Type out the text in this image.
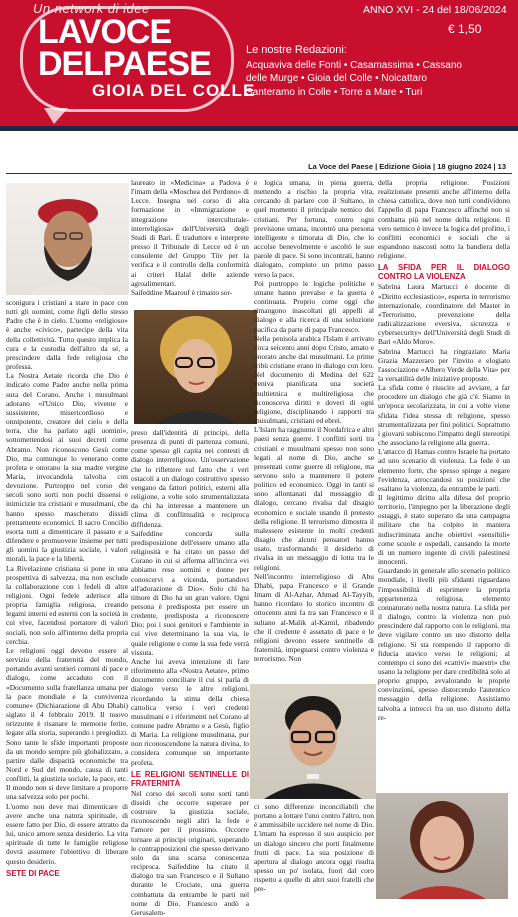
Un network di idee
LAVOCE
DELPAESE
GIOIA DEL COLLE
ANNO XVI - 24 del 18/06/2024
€ 1,50
Le nostre Redazioni:
Acquaviva delle Fonti • Casamassima • Cassano
delle Murge • Gioia del Colle • Noicattaro
Santeramo in Colle • Torre a Mare • Turi
La Voce del Paese | Edizione Gioia | 18 giugno 2024 | 13

sconigura i cristiani a stare in pace con tutti gli uomini, come figli dello stesso Padre che è in cielo. L'uomo «religioso» è anche «civico», partecipe della vita della collettività. Tutto questo implica la cura e la custodia dell'altro da sé, a prescindere dalla fede religiosa che professa.

La Nostra Aetate ricorda che Dio è indicato come Padre anche nella prima sura del Corano. Anche i musulmani adorano «l'Unico Dio, vivente e sussistente, misericordioso e onnipotente, creatore del cielo e della terra, che ha parlato agli uomini», sottomettendosi ai suoi decreti come Abramo. Non riconoscono Gesù come Dio, ma comunque lo venerano come profeta e onorano la sua madre vergine Maria, invocandola talvolta con devozione. Purtroppo nel corso dei secoli sono sorti non pochi dissensi e inimicizie tra cristiani e musulmani, che hanno spesso mascherato dissidi prettamente economici. Il sacro Concilio esorta tutti a dimenticare il passato e a difendere e promuovere insieme per tutti gli uomini la giustizia sociale, i valori morali, la pace e la libertà.

La Rivelazione cristiana si pone in una prospettiva di salvezza, ma non esclude la collaborazione con i fedeli di altre religioni. Ogni fedele aderisce alla propria famiglia religiosa, creando legami interni ed esterni con la società in cui vive, facendosi portatore di valori sociali, non solo all'interno della propria cerchia.

Le religioni oggi devono essere al servizio della fraternità del mondo, portando avanti sentieri comuni di pace e dialogo, come accaduto con il «Documento sulla fratellanza umana per la pace mondiale e la convivenza comune» (Dichiarazione di Abu Dhabi) siglato il 4 febbraio 2019. Il nuovo orizzonte è risanare le memorie ferite, legate alla storia, superando i pregiudizi. Sono tante le sfide importanti proposte da un mondo sempre più globalizzato, a partire dalle disparità economiche tra Nord e Sud del mondo, causa di tanti conflitti, la giustizia sociale, la pace, etc. Il mondo non si deve limitare a proporre una salvezza solo per pochi.

L'uomo non deve mai dimenticare di avere anche una natura spirituale, di essere fatto per Dio, di essere attratto da lui, unico amore senza desiderio. La vita spirituale di tutte le famiglie religiose dovrà assumere l'obiettivo di liberare questo desiderio.

SETE DI PACE

laureato in «Medicina» a Padova è l'imam della «Moschea del Perdono» di Lecce. Insegna nel corso di alta formazione in «Immigrazione e integrazione interculturale-interreligiosa» dell'Università degli Studi di Bari. È traduttore e interprete presso il Tribunale di Lecce ed è un consulente del Gruppo Tüv per la verifica e il controllo della conformità ai criteri Halal delle aziende agroalimentari.

Saifeddine Maarouf è rimasto sor-

preso dall'identità di principi, della presenza di punti di partenza comuni, come spesso gli capita nei contesti di dialogo interreligioso. Un'osservazione che lo riflettere sul fatto che i veri ostacoli a un dialogo costruttivo spesso vengano da fattori politici, esterni alla religione, a volte solo strumentalizzata da chi ha interesse a mantenere un clima di conflittualità e reciproca diffidenza.

Saifeddine concorda sulla predisposizione dell'essere umano alla religiosità e ha citato un passo del Corano in cui si afferma all'incirca «vi abbiamo reso uomini e donne per conoscervi a vicenda, portandovi all'adorazione di Dio». Solo chi ha timore di Dio ha un gran valore. Ogni persona è predisposta per essere un credente, predisposta a riconoscere Dio; poi i suoi genitori e l'ambiente in cui vive determinano la sua via, le quale religione e come la sua fede verrà vissuta.

Anche lui aveva intenzione di fare riferimento alla «Nostra Aetate», primo documento conciliare il cui si parla di dialogo verso le altre religioni, ricordando la stima della chiesa cattolica verso i veri credenti musulmani e i riferimenti nel Corano al comune padre Abramo e a Gesù, figlio di Maria. La religione musulmana, pur non riconoscendone la natura divina, lo considera comunque un importante profeta.

LE RELIGIONI SENTINELLE DI FRATERNITÀ

Nel corso dei secoli sono sorti tanti dissidi che occorre superare per costruire la giustizia sociale, riconoscendo negli altri la fede e l'amore per il prossimo. Occorre tornare ai principi originari, superando le contrapposizioni che spesso derivano solo da una scarsa conoscenza reciproca. Saifeddine ha citato il dialogo tra san Francesco e il Sultano durante le Crociate, una guerra combattuta da entrambe le parti nel nome di Dio. Francesco andò a Gerusalem-

e logica umana, in piena guerra, mettendo a rischio la propria vita, cercando di parlare con il Sultano, in quel momento il principale nemico dei cristiani. Per fortuna, contro ogni previsione umana, incontrò una persona intelligente e timorata di Dio, che lo accolse benevolmente e ascoltò le sue parole di pace. Si sono incontrati, hanno dialogato, compiuto un primo passo verso la pace.

Poi purtroppo le logiche politiche e umane hanno prevalso e la guerra è continuata. Proprio come oggi che rimangono inascoltati gli appelli al dialogo e alla ricerca di una soluzione pacifica da parte di papa Francesco.

Nella penisola arabica l'Islam è arrivato circa seicento anni dopo Cristo, amato e onorato anche dai musulmani. Le prime tribù cristiane erano in dialogo con loro. Nel documento di Medina del 622 veniva pianificata una società multietnica e multireligiosa che riconosceva diritti e doveri di ogni religione, disciplinando i rapporti tra musulmani, cristiani ed ebrei.

L'Islam ha raggiunto il Nordafrica e altri paesi senza guerre. I conflitti sorti tra cristiani e musulmani spesso non sono legati al nome di Dio, anche se presentati come guerre di religione, ma servono solo a mantenere il potere politico ed economico. Oggi in tanti si sono allontanati dal messaggio di dialogo, cercano rivalsa dal disagio economico e sociale usando il pretesto della religione. Il terrorismo dimostra il malessere esistente in molti credenti disagio che alcuni pensatori hanno usato, trasformando il desiderio di rivalsa in un messaggio di lotta tra le religioni.

Nell'incontro interreligioso di Abu Dhabi, papa Francesco e il Grande Imam di Al-Azhar, Ahmad Al-Tayyib, hanno ricordato lo storico incontro di ottocento anni fa tra san Francesco e il sultano al-Malik al-Kamil, ribadendo che il credente è assetato di pace e le religioni devono essere sentinelle di fraternità, impegnarsi contro violenza e terrorismo. Non

ci sono differenze inconciliabili che portano a lottare l'uno contro l'altro, non è ammissibile uccidere nel nome di Dio. L'imam ha espresso il suo auspicio per un dialogo sincero che porti finalmente frutti di pace. La sua posizione di apertura al dialogo ancora oggi risulta spesso un po' isolata, fuori dal coro rispetto a quelle di altri suoi fratelli che pre-

della propria religione. Posizioni realizionate presenti anche all'interno della chiesa cattolica, dove non tutti condividono l'appello di papa Francesco affinché non si combatta più nel nome della religione. Il vero nemico è invece la logica del profitto, i conflitti economici e sociali che si espandono nascosti sotto la bandiera della religione.

LA SFIDA PER IL DIALOGO CONTRO LA VIOLENZA

Sabrina Laura Martucci è docente di «Diritto ecclesiastico», esperta in terrorismo internazionale, coordinatore del Master in «Terrorismo, prevenzione della radicalizzazione eversiva, sicurezza e cybersecurity» dell'Università degli Studi di Bari «Aldo Moro».

Sabrina Martucci ha ringraziato Maria Grazia Mazzeraro per l'invito e elogiato l'associazione «Albero Verde della Vita» per la versatilità delle iniziative proposte.

La sfida come è riuscire ad avviare, a far procedere un dialogo che già c'è. Siamo in un'epoca secolarizzata, in cui a volte viene sfidata l'idea stessa di religione, spesso strumentalizzata per fini politici. Soprattutto i giovani subiscono l'impatto degli stereotipi che associano la religione alla guerra.

L'attacco di Hamas contro Israele ha portato ad uno scenario di violenza. La fede è un elemento forte, che spesso spinge a negare l'evidenza, arroccandosi su posizioni che esaltano la violenza, da entrambe le parti.

Il legittimo diritto alla difesa del proprio territorio, l'impegno per la liberazione degli ostaggi, è stato superato da una campagna militare che ha colpito in maniera indiscriminata anche obiettivi «sensibili» come scuole e ospedali, causando la morte di un numero ingente di civili palestinesi innocenti.

Guardando in generale allo scenario politico mondiale, i livelli più sfidanti riguardano l'impossibilità di esprimere la propria appartenenza religiosa, elemento connaturato nella nostra natura. La sfida per il dialogo, contro la violenza non può prescindere dal rapporto con le religioni, ma deve vigilare contro un uso distorto della religione. Si sta rompendo il rapporto di fiducia atavico verso le religioni; al contempo ci sono dei «cattivi» maestri» che usano la religione per dare credibilità solo al proprio gruppo, avvalorando le proprie convinzioni, spesso distorcendo l'autentico messaggio della religione. Assistiamo talvolta a intrecci fra un uso distorto della re-
